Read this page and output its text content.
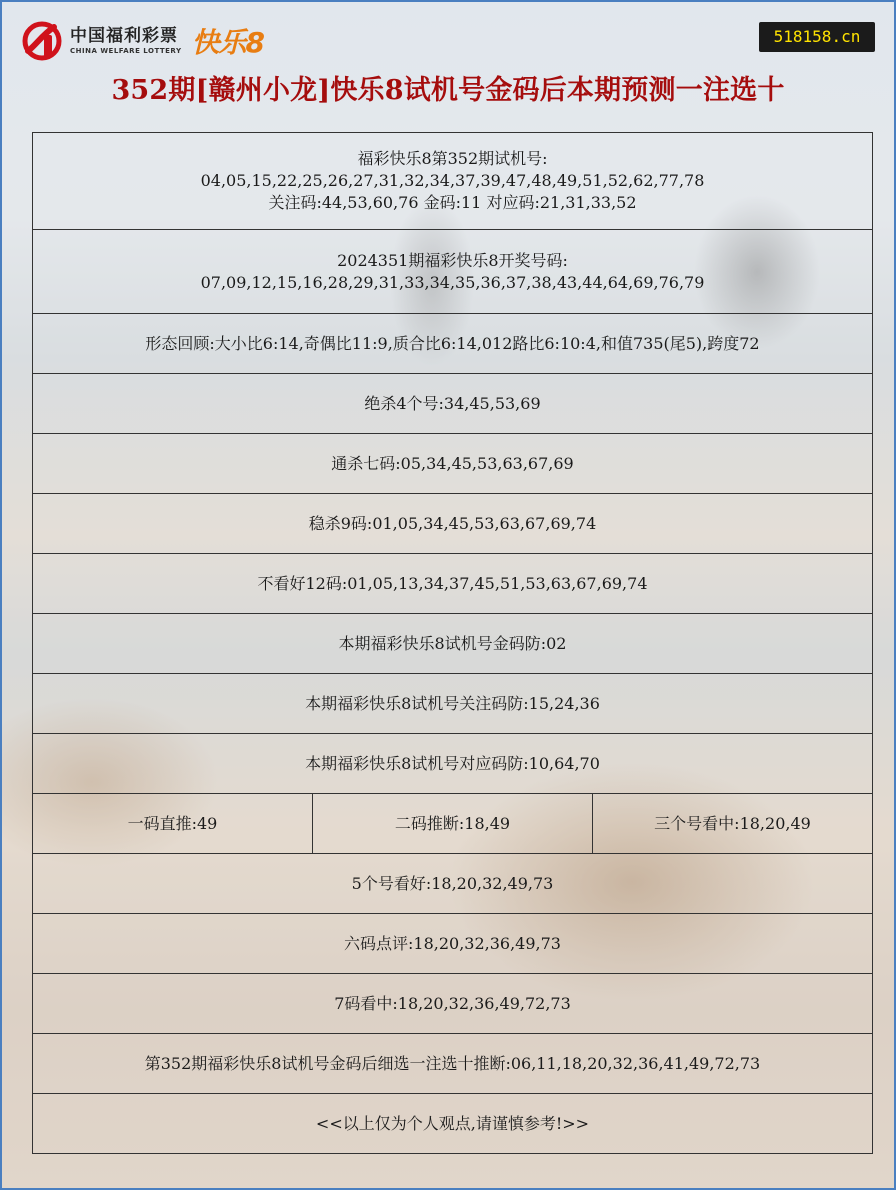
中国福利彩票
CHINA WELFARE LOTTERY 快乐8	518158.cn
352期[赣州小龙]快乐8试机号金码后本期预测一注选十
福彩快乐8第352期试机号:
04,05,15,22,25,26,27,31,32,34,37,39,47,48,49,51,52,62,77,78
关注码:44,53,60,76 金码:11 对应码:21,31,33,52
2024351期福彩快乐8开奖号码:
07,09,12,15,16,28,29,31,33,34,35,36,37,38,43,44,64,69,76,79
形态回顾:大小比6:14,奇偶比11:9,质合比6:14,012路比6:10:4,和值735(尾5),跨度72
绝杀4个号:34,45,53,69
通杀七码:05,34,45,53,63,67,69
稳杀9码:01,05,34,45,53,63,67,69,74
不看好12码:01,05,13,34,37,45,51,53,63,67,69,74
本期福彩快乐8试机号金码防:02
本期福彩快乐8试机号关注码防:15,24,36
本期福彩快乐8试机号对应码防:10,64,70
一码直推:49	二码推断:18,49	三个号看中:18,20,49
5个号看好:18,20,32,49,73
六码点评:18,20,32,36,49,73
7码看中:18,20,32,36,49,72,73
第352期福彩快乐8试机号金码后细选一注选十推断:06,11,18,20,32,36,41,49,72,73
<<以上仅为个人观点,请谨慎参考!>>
